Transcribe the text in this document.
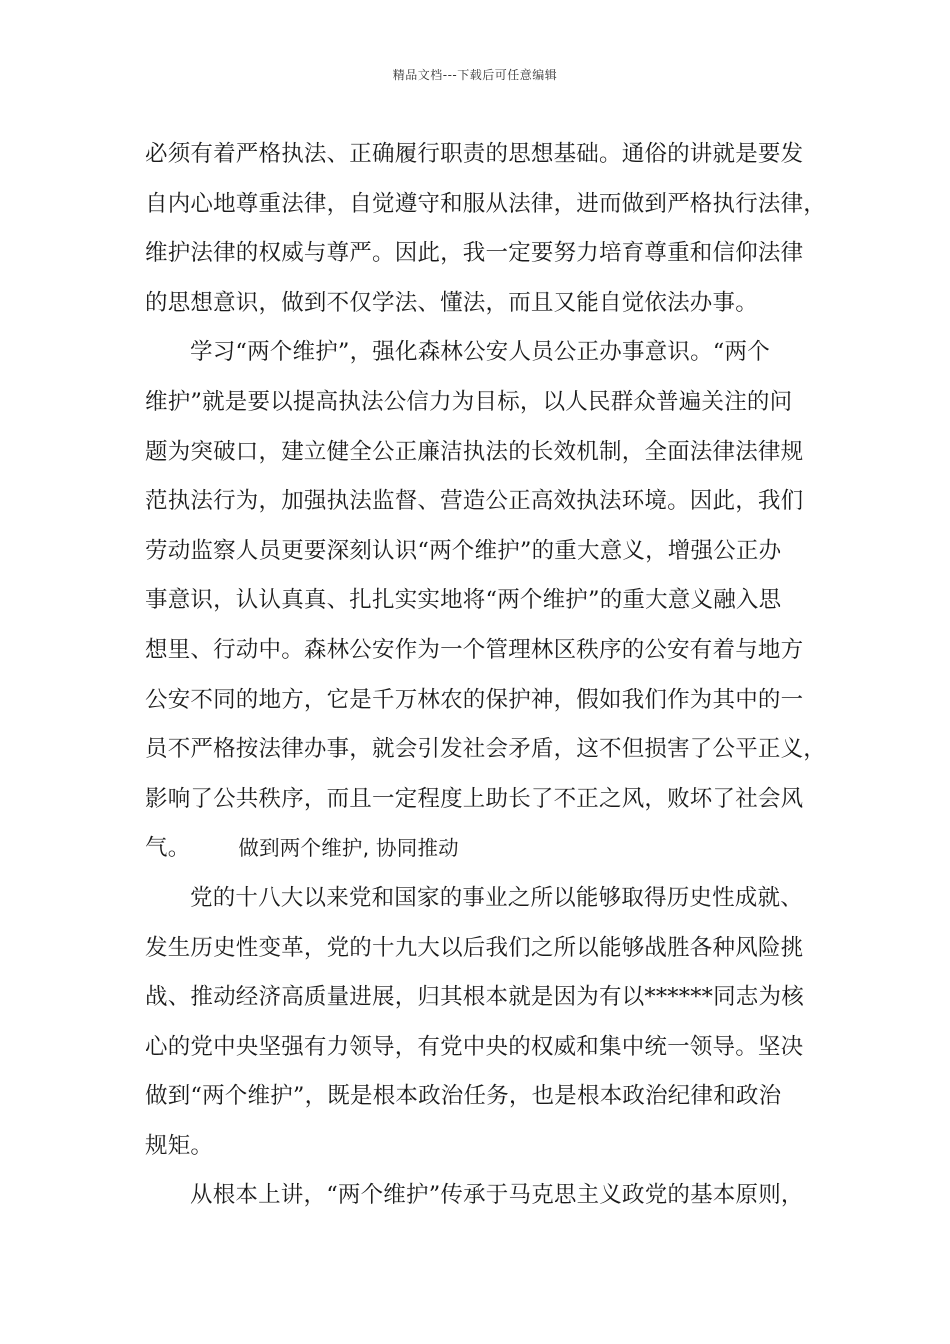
精品文档---下载后可任意编辑
必须有着严格执法、正确履行职责的思想基础。通俗的讲就是要发
自内心地尊重法律，自觉遵守和服从法律，进而做到严格执行法律，
维护法律的权威与尊严。因此，我一定要努力培育尊重和信仰法律
的思想意识，做到不仅学法、懂法，而且又能自觉依法办事。
学习“两个维护”，强化森林公安人员公正办事意识。“两个
维护”就是要以提高执法公信力为目标，以人民群众普遍关注的问
题为突破口，建立健全公正廉洁执法的长效机制，全面法律法律规
范执法行为，加强执法监督、营造公正高效执法环境。因此，我们
劳动监察人员更要深刻认识“两个维护”的重大意义，增强公正办
事意识，认认真真、扎扎实实地将“两个维护”的重大意义融入思
想里、行动中。森林公安作为一个管理林区秩序的公安有着与地方
公安不同的地方，它是千万林农的保护神，假如我们作为其中的一
员不严格按法律办事，就会引发社会矛盾，这不但损害了公平正义，
影响了公共秩序，而且一定程度上助长了不正之风，败坏了社会风
气。 做到两个维护, 协同推动
党的十八大以来党和国家的事业之所以能够取得历史性成就、
发生历史性变革，党的十九大以后我们之所以能够战胜各种风险挑
战、推动经济高质量进展，归其根本就是因为有以******同志为核
心的党中央坚强有力领导，有党中央的权威和集中统一领导。坚决
做到“两个维护”，既是根本政治任务，也是根本政治纪律和政治
规矩。
从根本上讲，“两个维护”传承于马克思主义政党的基本原则，
